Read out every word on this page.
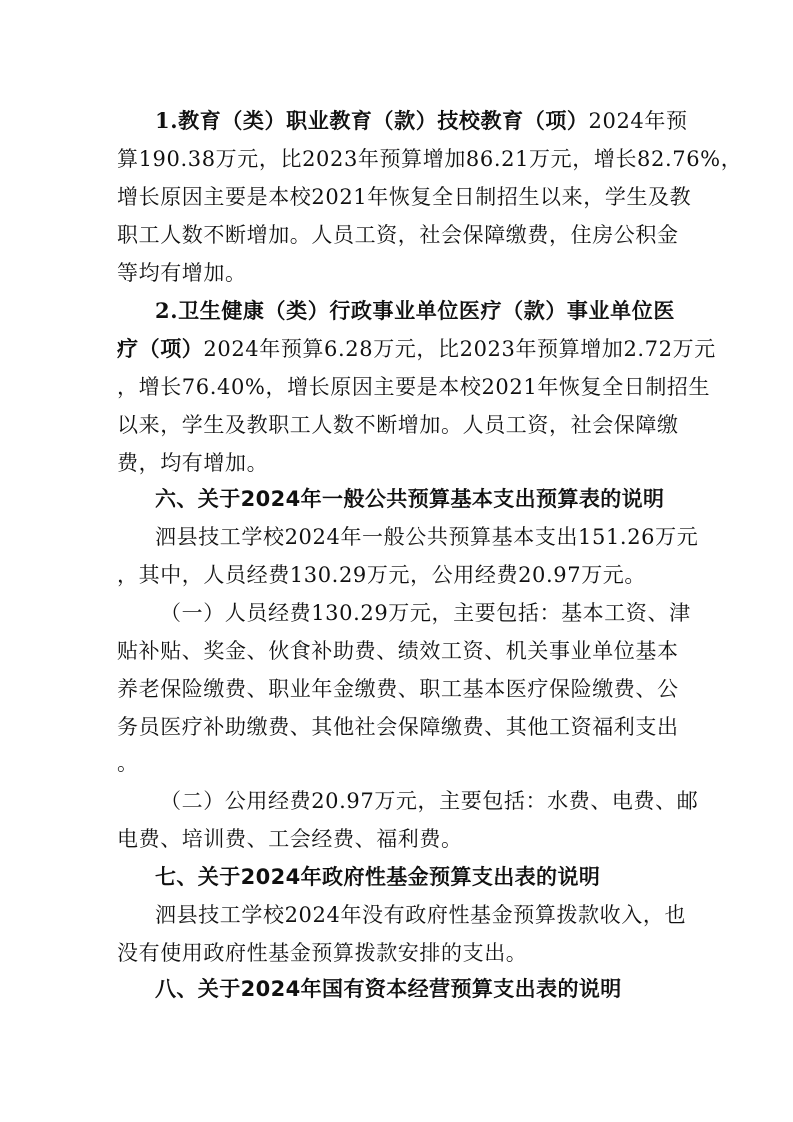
1.教育（类）职业教育（款）技校教育（项）2024年预
算190.38万元，比2023年预算增加86.21万元，增长82.76%，
增长原因主要是本校2021年恢复全日制招生以来，学生及教
职工人数不断增加。人员工资，社会保障缴费，住房公积金
等均有增加。
2.卫生健康（类）行政事业单位医疗（款）事业单位医
疗（项）2024年预算6.28万元，比2023年预算增加2.72万元
，增长76.40%，增长原因主要是本校2021年恢复全日制招生
以来，学生及教职工人数不断增加。人员工资，社会保障缴
费，均有增加。
六、关于2024年一般公共预算基本支出预算表的说明
泗县技工学校2024年一般公共预算基本支出151.26万元
，其中，人员经费130.29万元，公用经费20.97万元。
（一）人员经费130.29万元，主要包括：基本工资、津
贴补贴、奖金、伙食补助费、绩效工资、机关事业单位基本
养老保险缴费、职业年金缴费、职工基本医疗保险缴费、公
务员医疗补助缴费、其他社会保障缴费、其他工资福利支出
。
（二）公用经费20.97万元，主要包括：水费、电费、邮
电费、培训费、工会经费、福利费。
七、关于2024年政府性基金预算支出表的说明
泗县技工学校2024年没有政府性基金预算拨款收入，也
没有使用政府性基金预算拨款安排的支出。
八、关于2024年国有资本经营预算支出表的说明
